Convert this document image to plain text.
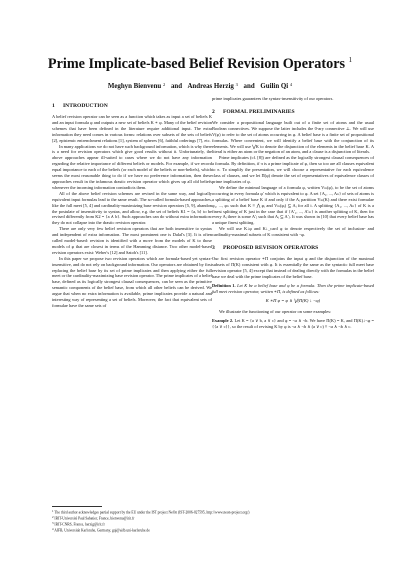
Prime Implicate-based Belief Revision Operators $^1$
Meghyn Bienvenu $^2$ and Andreas Herzig $^3$ and Guilin Qi $^4$
1 INTRODUCTION

A belief revision operator can be seen as a function which takes as input a set of beliefs K and an input formula φ and outputs a new set of beliefs K ∗ φ. Many of the belief revision schemes that have been defined in the literature require additional input. The extra information they need comes in various forms: relations over subsets of the sets of beliefs [2], epistemic entrenchment relations [1], system of spheres [6], faithful orderings [7], etc.

In many applications we do not have such background information, which is why there is a need for revision operators which give good results without it. Unfortunately, the above approaches appear ill-suited to cases where we do not have any information regarding the relative importance of different beliefs or models. For example, if we record equal importance to each of the beliefs (or each model of the beliefs or non-beliefs), which seems the most reasonable thing to do if we have no preference information, then these approaches result in the infamous drastic revision operator which gives up all old beliefs whenever the incoming information contradicts them.

All of the above belief revision schemes are revised in the same way, and logically equivalent input formulas lead to the same result. The so-called formula-based approaches, like the full meet [5, 4] and cardinality-maximizing base revision operators [5, 9], abandon the postulate of insensitivity to syntax, and allow, e.g. the set of beliefs K1 = {a, b} to be revised differently from K2 = {a ∧ b}. Such approaches can do without extra information: they do not collapse into the drastic revision operator.

There are only very few belief revision operators that are both insensitive to syntax and independent of extra information. The most prominent one is Dalal's [3]. It is often called model-based: revision is identified with a move from the models of K to those models of φ that are closest in terms of the Hamming distance. Two other model-based revision operators exist: Weber's [12] and Satoh's [11].

In this paper we propose two revision operators which are formula-based yet syntax-insensitive, and do not rely on background information. Our operators are obtained by first replacing the belief base by its set of prime implicates and then applying either the full meet or the cardinality-maximizing base revision operator. The prime implicates of a belief base, defined as its logically strongest clausal consequences, can be seen as the primitive semantic components of the belief base, from which all other beliefs can be derived. We argue that when no extra information is available, prime implicates provide a natural and interesting way of representing a set of beliefs. Moreover, the fact that equivalent sets of formulae have the same sets of

prime implicates guarantees the syntax-insensitivity of our operators.

2 FORMAL PRELIMINARIES

We consider a propositional language built out of a finite set of atoms and the usual Boolean connectives. We suppose the latter includes the 0-ary connective ⊥. We will use V(φ) to refer to the set of atoms occurring in φ. A belief base is a finite set of propositional formulas. Where convenient, we will identify a belief base with the conjunction of its elements. We will use ⋁K to denote the disjunction of the elements in the belief base K. A literal is either an atom or the negation of an atom, and a clause is a disjunction of literals.

Prime implicates (cf. [8]) are defined as the logically strongest clausal consequences of a formula. By definition, if π is a prime implicate of φ, then so too are all clauses equivalent to π. To simplify the presentation, we will choose a representative for each equivalence class of clauses, and we let Π(φ) denote the set of representatives of equivalence classes of prime implicates of φ.

We define the minimal language of a formula φ, written Vₘ(φ), to be the set of atoms occurring in every formula φ′ which is equivalent to φ. A set {A₁, ..., Aₙ} of sets of atoms is a splitting of a belief base K if and only if the Aᵢ partition Vₘ(K) and there exist formulae φ₁, ..., φₙ such that K ≡ ⋀ φᵢ and Vₘ(φᵢ) ⊆ Aᵢ for all i. A splitting {A₁, ..., Aₙ} of K is a finest splitting of K just in the case that if {A′₁, ..., A′ₘ} is another splitting of K, then for every Aᵢ there is some A′ⱼ such that Aᵢ ⊆ A′ⱼ. It was shown in [10] that every belief base has a unique finest splitting.

We will use K↓φ and K↓_card φ to denote respectively the set of inclusion- and cardinality-maximal subsets of K consistent with ¬φ.

3 PROPOSED REVISION OPERATORS

Our first revision operator ∗Π conjoins the input φ and the disjunction of the maximal subsets of Π(K) consistent with φ. It is essentially the same as the syntactic full meet base revision operator [5, 4] except that instead of dealing directly with the formulas in the belief base we deal with the prime implicates of the belief base.

Definition 1. Let K be a belief base and φ be a formula. Then the prime implicate-based full meet revision operator, written ∗Π, is defined as follows:

K ∗Π φ = φ ∧ ⋁(Π(K) ↓ ¬φ)

We illustrate the functioning of our operator on some examples:

Example 2. Let K = {a ∨ b, a ∨ c} and φ = ¬a ∧ ¬b. We have Π(K) = K, and Π(K)↓¬φ = {{a ∨ c}}, so the result of revising K by φ is ¬a ∧ ¬b ∧ (a ∨ c) ≡ ¬a ∧ ¬b ∧ c.

$^1$ The third author acknowledges partial support by the EU under the IST project NeOn (IST-2006-027595, http://www.neon-project.org/)
$^2$ IRIT-Université Paul Sabatier, France, bienvenu@irit.fr
$^3$ IRIT-CNRS, France, herzig@irit.fr
$^4$ AIFB, Universität Karlsruhe, Germany, gqi@aifb.uni-karlsruhe.de
